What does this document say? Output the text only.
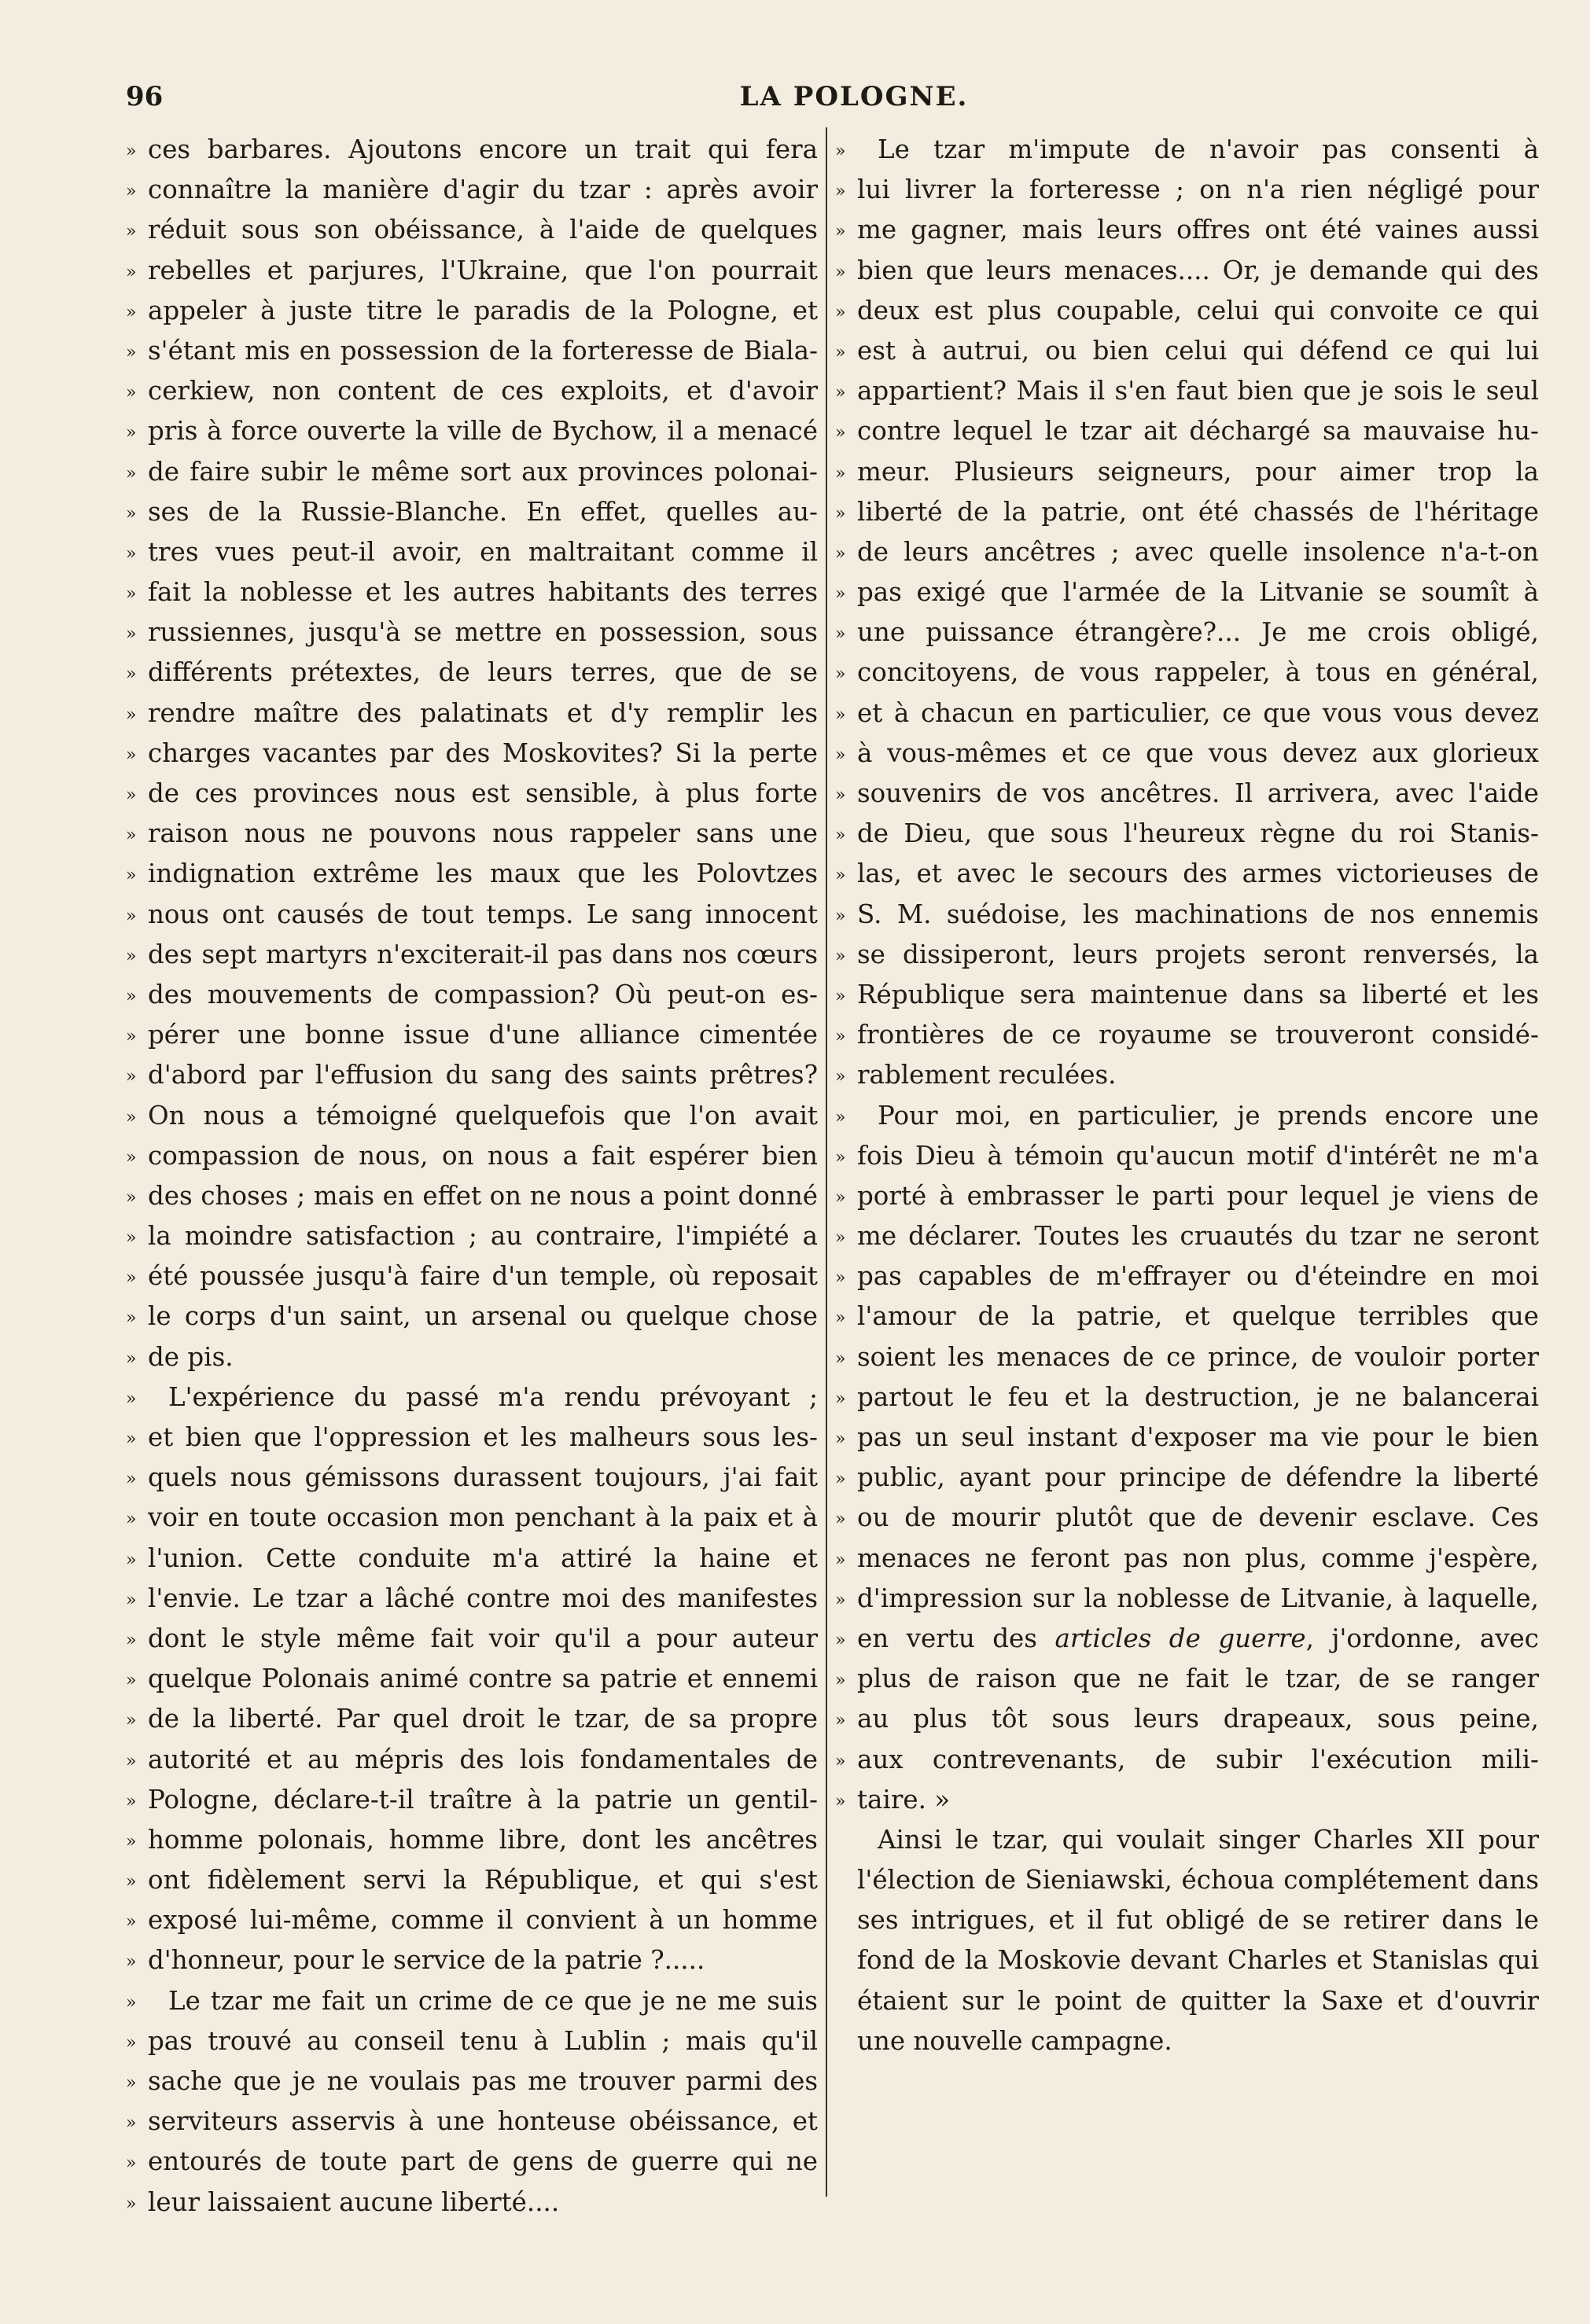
96	LA POLOGNE.
» ces barbares. Ajoutons encore un trait qui fera
» connaître la manière d'agir du tzar : après avoir
» réduit sous son obéissance, à l'aide de quelques
» rebelles et parjures, l'Ukraine, que l'on pourrait
» appeler à juste titre le paradis de la Pologne, et
» s'étant mis en possession de la forteresse de Biala-
» cerkiew, non content de ces exploits, et d'avoir
» pris à force ouverte la ville de Bychow, il a menacé
» de faire subir le même sort aux provinces polonai-
» ses de la Russie-Blanche. En effet, quelles au-
» tres vues peut-il avoir, en maltraitant comme il
» fait la noblesse et les autres habitants des terres
» russiennes, jusqu'à se mettre en possession, sous
» différents prétextes, de leurs terres, que de se
» rendre maître des palatinats et d'y remplir les
» charges vacantes par des Moskovites? Si la perte
» de ces provinces nous est sensible, à plus forte
» raison nous ne pouvons nous rappeler sans une
» indignation extrême les maux que les Polovtzes
» nous ont causés de tout temps. Le sang innocent
» des sept martyrs n'exciterait-il pas dans nos cœurs
» des mouvements de compassion? Où peut-on es-
» pérer une bonne issue d'une alliance cimentée
» d'abord par l'effusion du sang des saints prêtres?
» On nous a témoigné quelquefois que l'on avait
» compassion de nous, on nous a fait espérer bien
» des choses ; mais en effet on ne nous a point donné
» la moindre satisfaction ; au contraire, l'impiété a
» été poussée jusqu'à faire d'un temple, où reposait
» le corps d'un saint, un arsenal ou quelque chose
» de pis.
» L'expérience du passé m'a rendu prévoyant ;
» et bien que l'oppression et les malheurs sous les-
» quels nous gémissons durassent toujours, j'ai fait
» voir en toute occasion mon penchant à la paix et à
» l'union. Cette conduite m'a attiré la haine et
» l'envie. Le tzar a lâché contre moi des manifestes
» dont le style même fait voir qu'il a pour auteur
» quelque Polonais animé contre sa patrie et ennemi
» de la liberté. Par quel droit le tzar, de sa propre
» autorité et au mépris des lois fondamentales de
» Pologne, déclare-t-il traître à la patrie un gentil-
» homme polonais, homme libre, dont les ancêtres
» ont fidèlement servi la République, et qui s'est
» exposé lui-même, comme il convient à un homme
» d'honneur, pour le service de la patrie ?.....
» Le tzar me fait un crime de ce que je ne me suis
» pas trouvé au conseil tenu à Lublin ; mais qu'il
» sache que je ne voulais pas me trouver parmi des
» serviteurs asservis à une honteuse obéissance, et
» entourés de toute part de gens de guerre qui ne
» leur laissaient aucune liberté....
» Le tzar m'impute de n'avoir pas consenti à
» lui livrer la forteresse ; on n'a rien négligé pour
» me gagner, mais leurs offres ont été vaines aussi
» bien que leurs menaces.... Or, je demande qui des
» deux est plus coupable, celui qui convoite ce qui
» est à autrui, ou bien celui qui défend ce qui lui
» appartient? Mais il s'en faut bien que je sois le seul
» contre lequel le tzar ait déchargé sa mauvaise hu-
» meur. Plusieurs seigneurs, pour aimer trop la
» liberté de la patrie, ont été chassés de l'héritage
» de leurs ancêtres ; avec quelle insolence n'a-t-on
» pas exigé que l'armée de la Litvanie se soumît à
» une puissance étrangère?... Je me crois obligé,
» concitoyens, de vous rappeler, à tous en général,
» et à chacun en particulier, ce que vous vous devez
» à vous-mêmes et ce que vous devez aux glorieux
» souvenirs de vos ancêtres. Il arrivera, avec l'aide
» de Dieu, que sous l'heureux règne du roi Stanis-
» las, et avec le secours des armes victorieuses de
» S. M. suédoise, les machinations de nos ennemis
» se dissiperont, leurs projets seront renversés, la
» République sera maintenue dans sa liberté et les
» frontières de ce royaume se trouveront considé-
» rablement reculées.
» Pour moi, en particulier, je prends encore une
» fois Dieu à témoin qu'aucun motif d'intérêt ne m'a
» porté à embrasser le parti pour lequel je viens de
» me déclarer. Toutes les cruautés du tzar ne seront
» pas capables de m'effrayer ou d'éteindre en moi
» l'amour de la patrie, et quelque terribles que
» soient les menaces de ce prince, de vouloir porter
» partout le feu et la destruction, je ne balancerai
» pas un seul instant d'exposer ma vie pour le bien
» public, ayant pour principe de défendre la liberté
» ou de mourir plutôt que de devenir esclave. Ces
» menaces ne feront pas non plus, comme j'espère,
» d'impression sur la noblesse de Litvanie, à laquelle,
» en vertu des articles de guerre, j'ordonne, avec
» plus de raison que ne fait le tzar, de se ranger
» au plus tôt sous leurs drapeaux, sous peine,
» aux contrevenants, de subir l'exécution mili-
» taire. »
Ainsi le tzar, qui voulait singer Charles XII pour
l'élection de Sieniawski, échoua complétement dans
ses intrigues, et il fut obligé de se retirer dans le
fond de la Moskovie devant Charles et Stanislas qui
étaient sur le point de quitter la Saxe et d'ouvrir
une nouvelle campagne.
